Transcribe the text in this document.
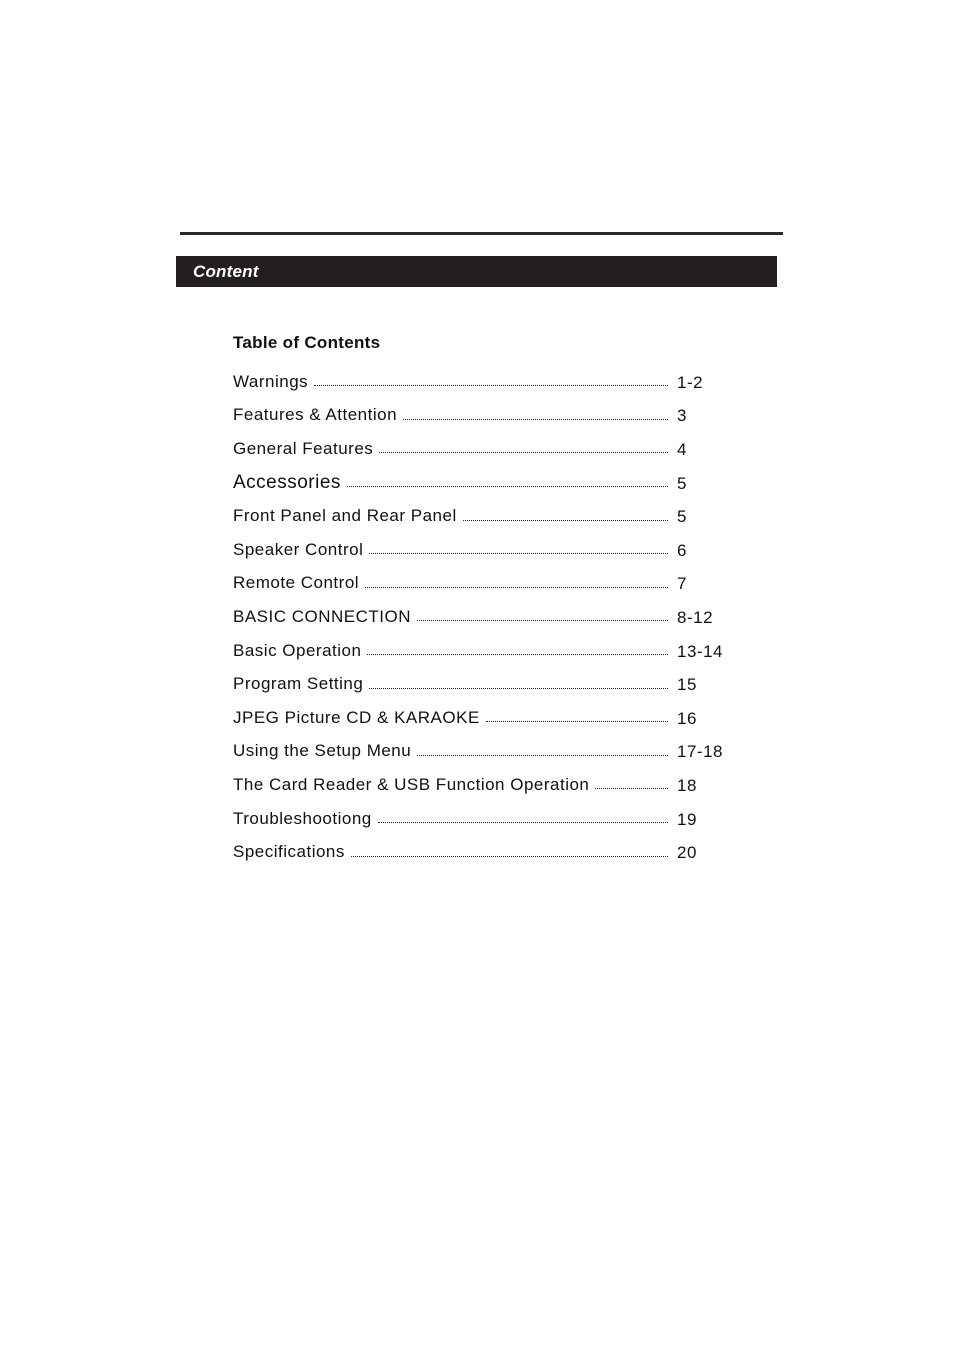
Content
Table of Contents
Warnings	1-2
Features & Attention	3
General Features	4
Accessories	5
Front Panel and Rear Panel	5
Speaker Control	6
Remote Control	7
BASIC CONNECTION	8-12
Basic Operation	13-14
Program Setting	15
JPEG Picture CD & KARAOKE	16
Using the Setup Menu	17-18
The Card Reader & USB Function Operation	18
Troubleshootiong	19
Specifications	20
